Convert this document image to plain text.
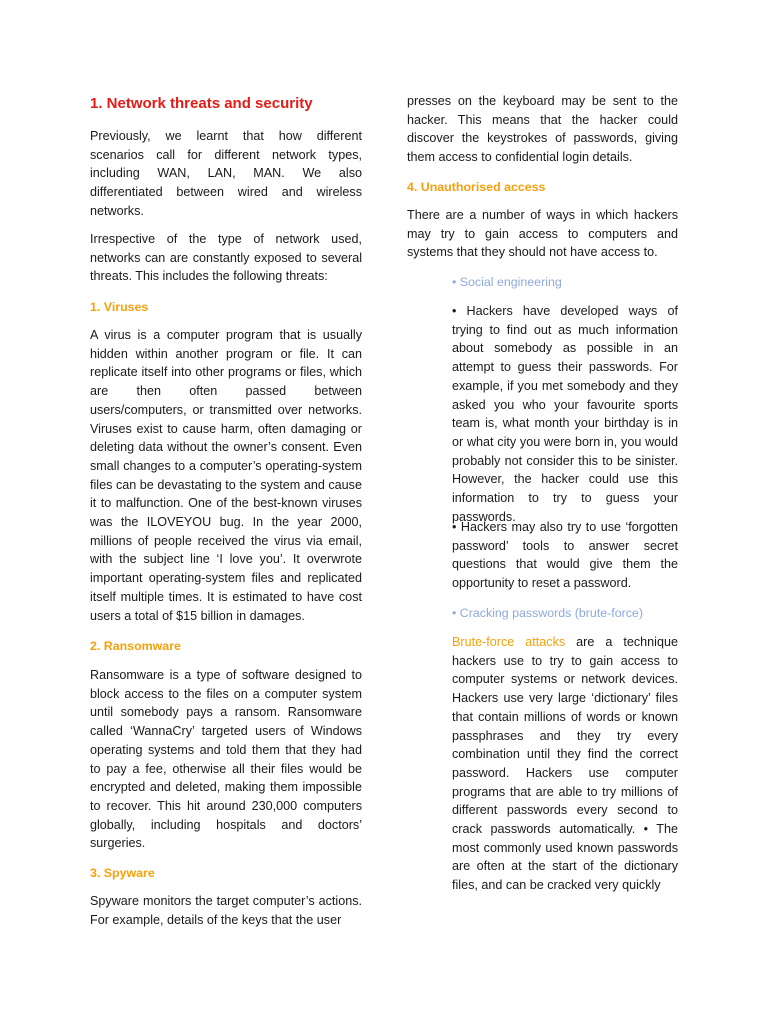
1. Network threats and security

Previously, we learnt that how different scenarios call for different network types, including WAN, LAN, MAN. We also differentiated between wired and wireless networks.

Irrespective of the type of network used, networks can are constantly exposed to several threats. This includes the following threats:

1. Viruses

A virus is a computer program that is usually hidden within another program or file. It can replicate itself into other programs or files, which are then often passed between users/computers, or transmitted over networks. Viruses exist to cause harm, often damaging or deleting data without the owner’s consent. Even small changes to a computer’s operating-system files can be devastating to the system and cause it to malfunction. One of the best-known viruses was the ILOVEYOU bug. In the year 2000, millions of people received the virus via email, with the subject line ‘I love you’. It overwrote important operating-system files and replicated itself multiple times. It is estimated to have cost users a total of $15 billion in damages.

2. Ransomware

Ransomware is a type of software designed to block access to the files on a computer system until somebody pays a ransom. Ransomware called ‘WannaCry’ targeted users of Windows operating systems and told them that they had to pay a fee, otherwise all their files would be encrypted and deleted, making them impossible to recover. This hit around 230,000 computers globally, including hospitals and doctors’ surgeries.

3. Spyware

Spyware monitors the target computer’s actions. For example, details of the keys that the user

presses on the keyboard may be sent to the hacker. This means that the hacker could discover the keystrokes of passwords, giving them access to confidential login details.

4. Unauthorised access

There are a number of ways in which hackers may try to gain access to computers and systems that they should not have access to.

• Social engineering

• Hackers have developed ways of trying to find out as much information about somebody as possible in an attempt to guess their passwords. For example, if you met somebody and they asked you who your favourite sports team is, what month your birthday is in or what city you were born in, you would probably not consider this to be sinister. However, the hacker could use this information to try to guess your passwords.

• Hackers may also try to use ‘forgotten password’ tools to answer secret questions that would give them the opportunity to reset a password.

• Cracking passwords (brute-force)

Brute-force attacks are a technique hackers use to try to gain access to computer systems or network devices. Hackers use very large ‘dictionary’ files that contain millions of words or known passphrases and they try every combination until they find the correct password. Hackers use computer programs that are able to try millions of different passwords every second to crack passwords automatically. • The most commonly used known passwords are often at the start of the dictionary files, and can be cracked very quickly
